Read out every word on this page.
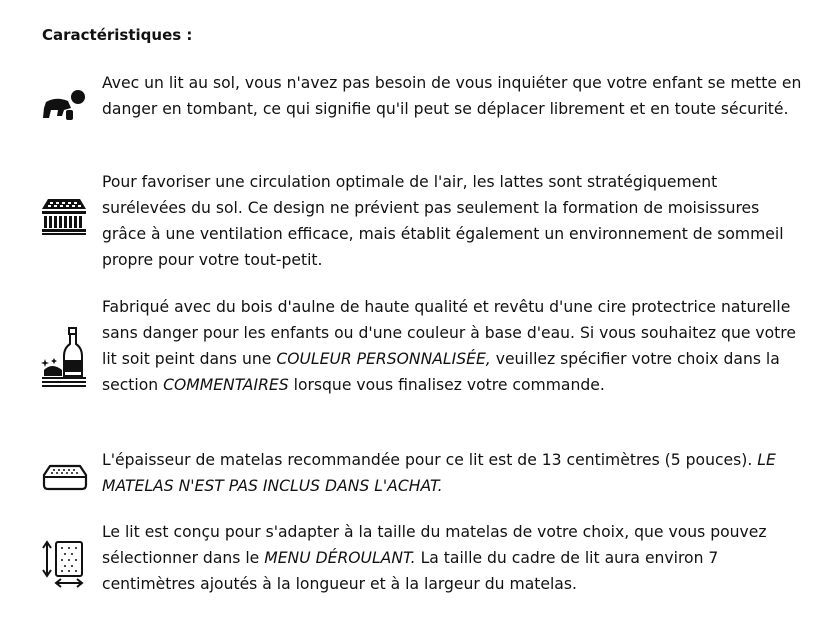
Caractéristiques :

Avec un lit au sol, vous n'avez pas besoin de vous inquiéter que votre enfant se mette en danger en tombant, ce qui signifie qu'il peut se déplacer librement et en toute sécurité.

Pour favoriser une circulation optimale de l'air, les lattes sont stratégiquement surélevées du sol. Ce design ne prévient pas seulement la formation de moisissures grâce à une ventilation efficace, mais établit également un environnement de sommeil propre pour votre tout-petit.

Fabriqué avec du bois d'aulne de haute qualité et revêtu d'une cire protectrice naturelle sans danger pour les enfants ou d'une couleur à base d'eau. Si vous souhaitez que votre lit soit peint dans une COULEUR PERSONNALISÉE, veuillez spécifier votre choix dans la section COMMENTAIRES lorsque vous finalisez votre commande.

L'épaisseur de matelas recommandée pour ce lit est de 13 centimètres (5 pouces). LE MATELAS N'EST PAS INCLUS DANS L'ACHAT.

Le lit est conçu pour s'adapter à la taille du matelas de votre choix, que vous pouvez sélectionner dans le MENU DÉROULANT. La taille du cadre de lit aura environ 7 centimètres ajoutés à la longueur et à la largeur du matelas.
